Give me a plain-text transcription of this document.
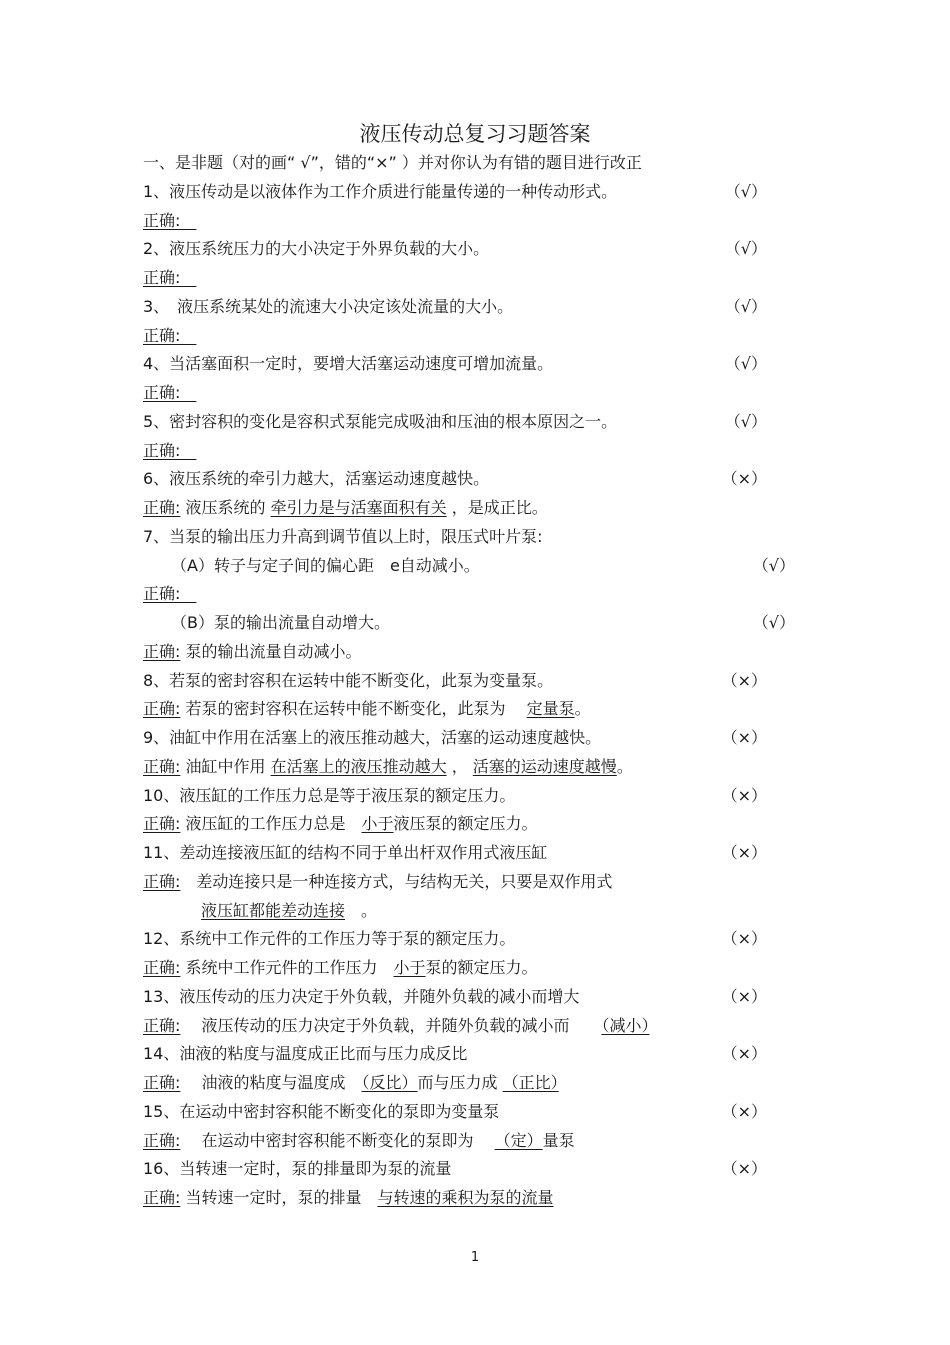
液压传动总复习习题答案
一、是非题（对的画“ √”，错的“×” ）并对你认为有错的题目进行改正
1、液压传动是以液体作为工作介质进行能量传递的一种传动形式。	（√）
正确:　
2、液压系统压力的大小决定于外界负载的大小。	（√）
正确:　
3、　液压系统某处的流速大小决定该处流量的大小。	（√）
正确:　
4、当活塞面积一定时，要增大活塞运动速度可增加流量。	（√）
正确:　
5、密封容积的变化是容积式泵能完成吸油和压油的根本原因之一。	（√）
正确:　
6、液压系统的牵引力越大，活塞运动速度越快。	（×）
正确: 液压系统的 牵引力是与活塞面积有关 ，是成正比。
7、当泵的输出压力升高到调节值以上时，限压式叶片泵:
（A）转子与定子间的偏心距　e自动减小。	（√）
正确:　
（B）泵的输出流量自动增大。	（√）
正确: 泵的输出流量自动减小。
8、若泵的密封容积在运转中能不断变化，此泵为变量泵。	（×）
正确: 若泵的密封容积在运转中能不断变化，此泵为　 定量泵。
9、油缸中作用在活塞上的液压推动越大，活塞的运动速度越快。	（×）
正确: 油缸中作用 在活塞上的液压推动越大 ， 活塞的运动速度越慢。
10、液压缸的工作压力总是等于液压泵的额定压力。	（×）
正确: 液压缸的工作压力总是　小于液压泵的额定压力。
11、差动连接液压缸的结构不同于单出杆双作用式液压缸	（×）
正确:　差动连接只是一种连接方式，与结构无关，只要是双作用式　　
液压缸都能差动连接　。
12、系统中工作元件的工作压力等于泵的额定压力。	（×）
正确: 系统中工作元件的工作压力　小于泵的额定压力。
13、液压传动的压力决定于外负载，并随外负载的减小而增大　　	（×）
正确:　 液压传动的压力决定于外负载，并随外负载的减小而　　（减小）　
14、油液的粘度与温度成正比而与压力成反比	（×）
正确:　 油液的粘度与温度成　（反比）而与压力成 （正比）　
15、在运动中密封容积能不断变化的泵即为变量泵	（×）
正确:　 在运动中密封容积能不断变化的泵即为　 （定）量泵
16、当转速一定时，泵的排量即为泵的流量	（×）
正确: 当转速一定时，泵的排量　与转速的乘积为泵的流量　
1
